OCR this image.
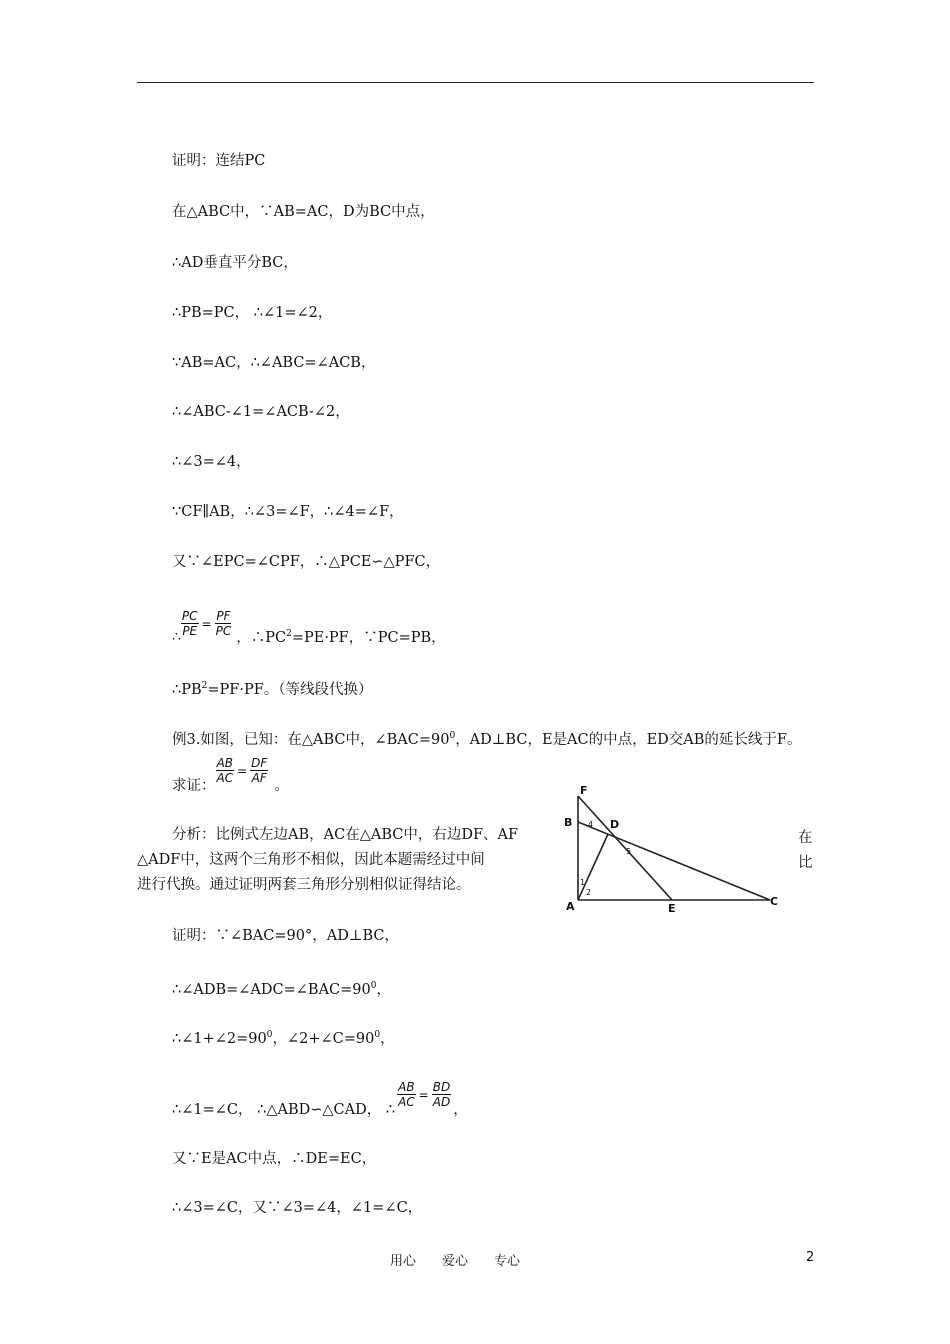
证明：连结PC
在△ABC中，∵AB=AC，D为BC中点，
∴AD垂直平分BC，
∴PB=PC， ∴∠1=∠2，
∵AB=AC，∴∠ABC=∠ACB，
∴∠ABC-∠1=∠ACB-∠2，
∴∠3=∠4，
∵CF∥AB，∴∠3=∠F，∴∠4=∠F，
又∵∠EPC=∠CPF，∴△PCE∽△PFC，
∴ $\frac{PC}{PE} = \frac{PF}{PC}$ ，$\therefore PC^2=PE\cdot PF$，∵PC=PB，
$\therefore PB^2=PF\cdot PF$。（等线段代换）
例3.如图，已知：在△ABC中，$\angle BAC=90^0$，AD⊥BC，E是AC的中点，ED交AB的延长线于F。
求证：
$\frac{AB}{AC} = \frac{DF}{AF}$
。
分析：比例式左边AB，AC在△ABC中，右边DF、AF	在
△ADF中，这两个三角形不相似，因此本题需经过中间	比
进行代换。通过证明两套三角形分别相似证得结论。
F
B	D
A	E
C
1
2
4
5
证明：∵∠BAC=90°，AD⊥BC，
$\therefore\angle ADB=\angle ADC=\angle BAC=90^0$，
$\therefore\angle 1+\angle 2=90^0$，$\angle 2+\angle C=90^0$，
∴∠1=∠C， ∴△ABD∽△CAD， ∴
$\frac{AB}{AC} = \frac{BD}{AD}$
，
又∵E是AC中点，∴DE=EC，
∴∠3=∠C，又∵∠3=∠4，∠1=∠C，
用心 爱心 专心	2
